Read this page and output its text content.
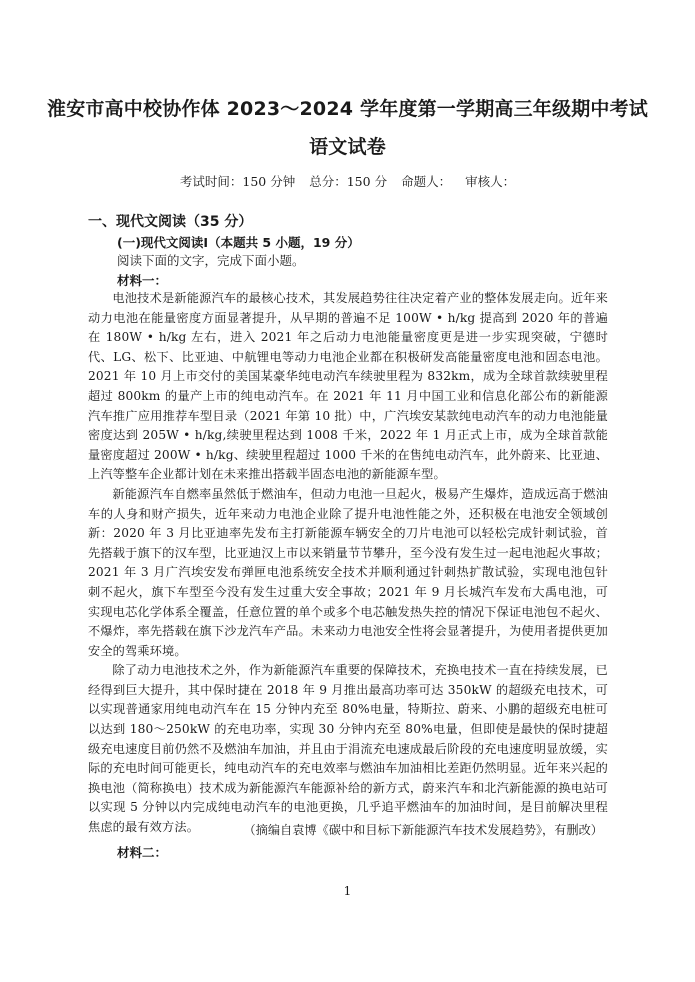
淮安市高中校协作体 2023～2024 学年度第一学期高三年级期中考试
语文试卷
考试时间：150 分钟 总分：150 分 命题人： 审核人：
一、现代文阅读（35 分）
(一)现代文阅读Ⅰ（本题共 5 小题，19 分）
阅读下面的文字，完成下面小题。
材料一：

电池技术是新能源汽车的最核心技术，其发展趋势往往决定着产业的整体发展走向。近年来动力电池在能量密度方面显著提升，从早期的普遍不足 100W • h/kg 提高到 2020 年的普遍在 180W • h/kg 左右，进入 2021 年之后动力电池能量密度更是进一步实现突破，宁德时代、LG、松下、比亚迪、中航锂电等动力电池企业都在积极研发高能量密度电池和固态电池。2021 年 10 月上市交付的美国某豪华纯电动汽车续驶里程为 832km，成为全球首款续驶里程超过 800km 的量产上市的纯电动汽车。在 2021 年 11 月中国工业和信息化部公布的新能源汽车推广应用推荐车型目录（2021 年第 10 批）中，广汽埃安某款纯电动汽车的动力电池能量密度达到 205W • h/kg,续驶里程达到 1008 千米，2022 年 1 月正式上市，成为全球首款能量密度超过 200W • h/kg、续驶里程超过 1000 千米的在售纯电动汽车，此外蔚来、比亚迪、上汽等整车企业都计划在未来推出搭载半固态电池的新能源车型。

新能源汽车自燃率虽然低于燃油车，但动力电池一旦起火，极易产生爆炸，造成远高于燃油车的人身和财产损失，近年来动力电池企业除了提升电池性能之外，还积极在电池安全领域创新：2020 年 3 月比亚迪率先发布主打新能源车辆安全的刀片电池可以轻松完成针刺试验，首先搭载于旗下的汉车型，比亚迪汉上市以来销量节节攀升，至今没有发生过一起电池起火事故；2021 年 3 月广汽埃安发布弹匣电池系统安全技术并顺利通过针刺热扩散试验，实现电池包针刺不起火，旗下车型至今没有发生过重大安全事故；2021 年 9 月长城汽车发布大禹电池，可实现电芯化学体系全覆盖，任意位置的单个或多个电芯触发热失控的情况下保证电池包不起火、不爆炸，率先搭载在旗下沙龙汽车产品。未来动力电池安全性将会显著提升，为使用者提供更加安全的驾乘环境。

除了动力电池技术之外，作为新能源汽车重要的保障技术，充换电技术一直在持续发展，已经得到巨大提升，其中保时捷在 2018 年 9 月推出最高功率可达 350kW 的超级充电技术，可以实现普通家用纯电动汽车在 15 分钟内充至 80%电量，特斯拉、蔚来、小鹏的超级充电桩可以达到 180～250kW 的充电功率，实现 30 分钟内充至 80%电量，但即使是最快的保时捷超级充电速度目前仍然不及燃油车加油，并且由于涓流充电速成最后阶段的充电速度明显放缓，实际的充电时间可能更长，纯电动汽车的充电效率与燃油车加油相比差距仍然明显。近年来兴起的换电池（简称换电）技术成为新能源汽车能源补给的新方式，蔚来汽车和北汽新能源的换电站可以实现 5 分钟以内完成纯电动汽车的电池更换，几乎追平燃油车的加油时间，是目前解决里程焦虑的最有效方法。	（摘编自袁博《碳中和目标下新能源汽车技术发展趋势》，有删改）
材料二：
1
